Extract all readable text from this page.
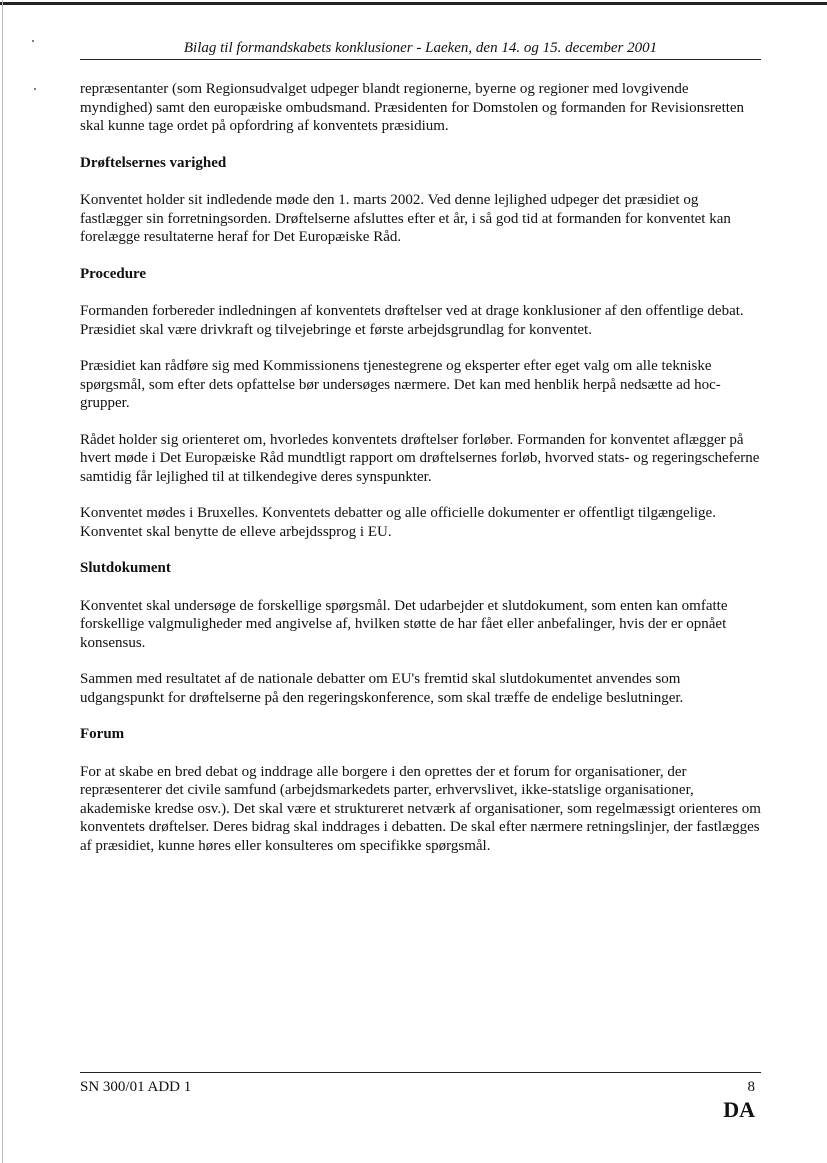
Bilag til formandskabets konklusioner - Laeken, den 14. og 15. december 2001

repræsentanter (som Regionsudvalget udpeger blandt regionerne, byerne og regioner med lovgivende myndighed) samt den europæiske ombudsmand. Præsidenten for Domstolen og formanden for Revisionsretten skal kunne tage ordet på opfordring af konventets præsidium.

Drøftelsernes varighed

Konventet holder sit indledende møde den 1. marts 2002. Ved denne lejlighed udpeger det præsidiet og fastlægger sin forretningsorden. Drøftelserne afsluttes efter et år, i så god tid at formanden for konventet kan forelægge resultaterne heraf for Det Europæiske Råd.

Procedure

Formanden forbereder indledningen af konventets drøftelser ved at drage konklusioner af den offentlige debat. Præsidiet skal være drivkraft og tilvejebringe et første arbejdsgrundlag for konventet.

Præsidiet kan rådføre sig med Kommissionens tjenestegrene og eksperter efter eget valg om alle tekniske spørgsmål, som efter dets opfattelse bør undersøges nærmere. Det kan med henblik herpå nedsætte ad hoc-grupper.

Rådet holder sig orienteret om, hvorledes konventets drøftelser forløber. Formanden for konventet aflægger på hvert møde i Det Europæiske Råd mundtligt rapport om drøftelsernes forløb, hvorved stats- og regeringscheferne samtidig får lejlighed til at tilkendegive deres synspunkter.

Konventet mødes i Bruxelles. Konventets debatter og alle officielle dokumenter er offentligt tilgængelige. Konventet skal benytte de elleve arbejdssprog i EU.

Slutdokument

Konventet skal undersøge de forskellige spørgsmål. Det udarbejder et slutdokument, som enten kan omfatte forskellige valgmuligheder med angivelse af, hvilken støtte de har fået eller anbefalinger, hvis der er opnået konsensus.

Sammen med resultatet af de nationale debatter om EU's fremtid skal slutdokumentet anvendes som udgangspunkt for drøftelserne på den regeringskonference, som skal træffe de endelige beslutninger.

Forum

For at skabe en bred debat og inddrage alle borgere i den oprettes der et forum for organisationer, der repræsenterer det civile samfund (arbejdsmarkedets parter, erhvervslivet, ikke-statslige organisationer, akademiske kredse osv.). Det skal være et struktureret netværk af organisationer, som regelmæssigt orienteres om konventets drøftelser. Deres bidrag skal inddrages i debatten. De skal efter nærmere retningslinjer, der fastlægges af præsidiet, kunne høres eller konsulteres om specifikke spørgsmål.

SN 300/01 ADD 1	8
DA
